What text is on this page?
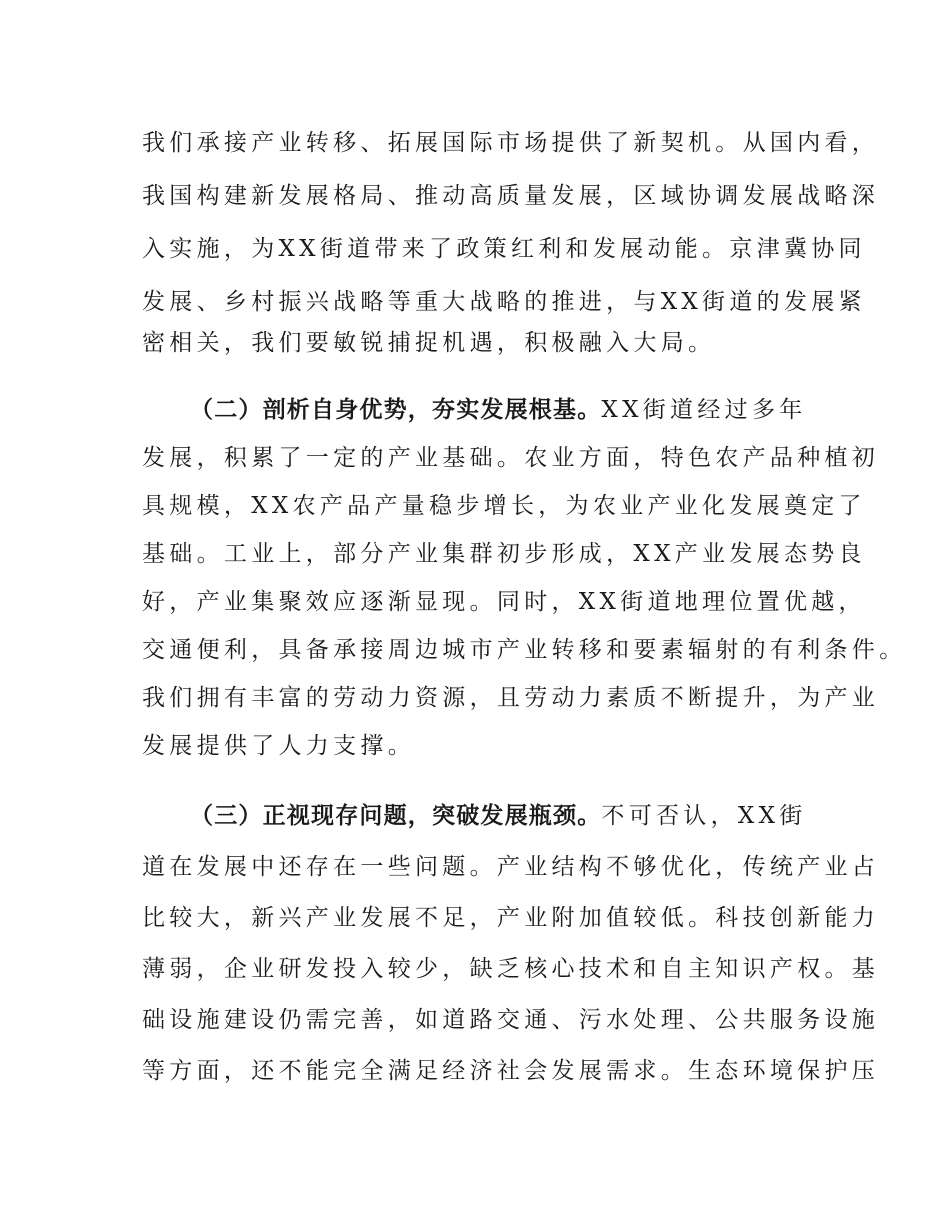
我们承接产业转移、拓展国际市场提供了新契机。从国内看，

我国构建新发展格局、推动高质量发展，区域协调发展战略深

入实施，为XX街道带来了政策红利和发展动能。京津冀协同

发展、乡村振兴战略等重大战略的推进，与XX街道的发展紧

密相关，我们要敏锐捕捉机遇，积极融入大局。

（二）剖析自身优势，夯实发展根基。XX街道经过多年

发展，积累了一定的产业基础。农业方面，特色农产品种植初

具规模，XX农产品产量稳步增长，为农业产业化发展奠定了

基础。工业上，部分产业集群初步形成，XX产业发展态势良

好，产业集聚效应逐渐显现。同时，XX街道地理位置优越，

交通便利，具备承接周边城市产业转移和要素辐射的有利条件。

我们拥有丰富的劳动力资源，且劳动力素质不断提升，为产业

发展提供了人力支撑。

（三）正视现存问题，突破发展瓶颈。不可否认，XX街

道在发展中还存在一些问题。产业结构不够优化，传统产业占

比较大，新兴产业发展不足，产业附加值较低。科技创新能力

薄弱，企业研发投入较少，缺乏核心技术和自主知识产权。基

础设施建设仍需完善，如道路交通、污水处理、公共服务设施

等方面，还不能完全满足经济社会发展需求。生态环境保护压
